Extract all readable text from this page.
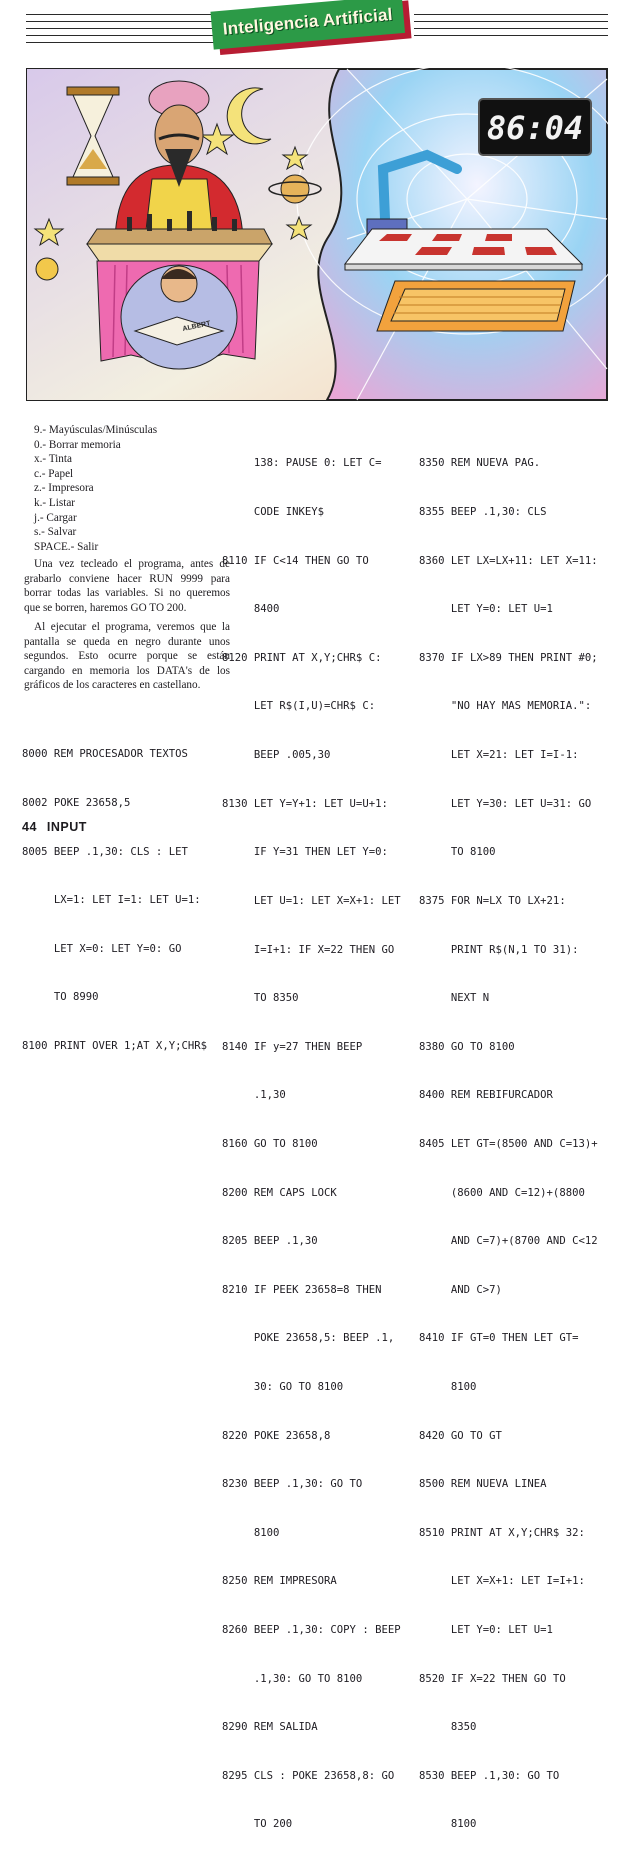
Inteligencia Artificial
ALBERT
86:04
9.- Mayúsculas/Minúsculas
0.- Borrar memoria
x.- Tinta
c.- Papel
z.- Impresora
k.- Listar
j.- Cargar
s.- Salvar
SPACE.- Salir

Una vez tecleado el programa, antes de grabarlo conviene hacer RUN 9999 para borrar todas las variables. Si no queremos que se borren, haremos GO TO 200.

Al ejecutar el programa, veremos que la pantalla se queda en negro durante unos segundos. Esto ocurre porque se están cargando en memoria los DATA's de los gráficos de los caracteres en castellano.

8000 REM PROCESADOR TEXTOS

8002 POKE 23658,5

8005 BEEP .1,30: CLS : LET

LX=1: LET I=1: LET U=1:

LET X=0: LET Y=0: GO

TO 8990

8100 PRINT OVER 1;AT X,Y;CHR$

138: PAUSE 0: LET C=

CODE INKEY$

8110 IF C<14 THEN GO TO

8400

8120 PRINT AT X,Y;CHR$ C:

LET R$(I,U)=CHR$ C:

BEEP .005,30

8130 LET Y=Y+1: LET U=U+1:

IF Y=31 THEN LET Y=0:

LET U=1: LET X=X+1: LET

I=I+1: IF X=22 THEN GO

TO 8350

8140 IF y=27 THEN BEEP

.1,30

8160 GO TO 8100

8200 REM CAPS LOCK

8205 BEEP .1,30

8210 IF PEEK 23658=8 THEN

POKE 23658,5: BEEP .1,

30: GO TO 8100

8220 POKE 23658,8

8230 BEEP .1,30: GO TO

8100

8250 REM IMPRESORA

8260 BEEP .1,30: COPY : BEEP

.1,30: GO TO 8100

8290 REM SALIDA

8295 CLS : POKE 23658,8: GO

TO 200

8350 REM NUEVA PAG.

8355 BEEP .1,30: CLS

8360 LET LX=LX+11: LET X=11:

LET Y=0: LET U=1

8370 IF LX>89 THEN PRINT #0;

"NO HAY MAS MEMORIA.":

LET X=21: LET I=I-1:

LET Y=30: LET U=31: GO

TO 8100

8375 FOR N=LX TO LX+21:

PRINT R$(N,1 TO 31):

NEXT N

8380 GO TO 8100

8400 REM REBIFURCADOR

8405 LET GT=(8500 AND C=13)+

(8600 AND C=12)+(8800

AND C=7)+(8700 AND C<12

AND C>7)

8410 IF GT=0 THEN LET GT=

8100

8420 GO TO GT

8500 REM NUEVA LINEA

8510 PRINT AT X,Y;CHR$ 32:

LET X=X+1: LET I=I+1:

LET Y=0: LET U=1

8520 IF X=22 THEN GO TO

8350

8530 BEEP .1,30: GO TO

8100

44 INPUT
